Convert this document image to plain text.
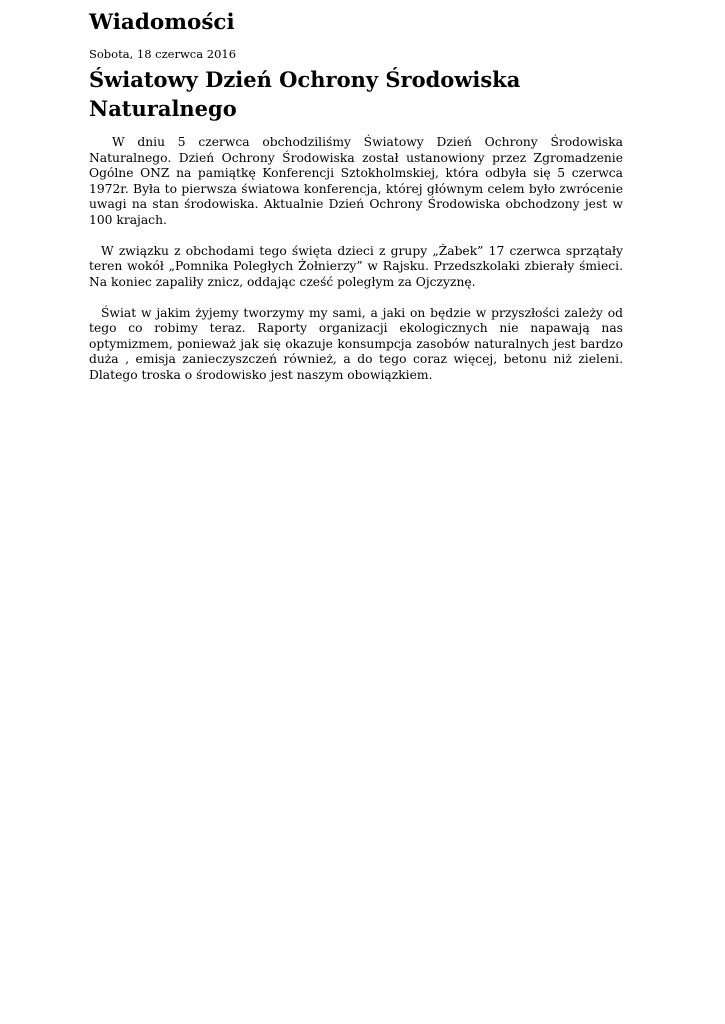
Wiadomości

Sobota, 18 czerwca 2016

Światowy Dzień Ochrony Środowiska Naturalnego

W dniu 5 czerwca obchodziliśmy Światowy Dzień Ochrony Środowiska Naturalnego. Dzień Ochrony Środowiska został ustanowiony przez Zgromadzenie Ogólne ONZ na pamiątkę Konferencji Sztokholmskiej, która odbyła się 5 czerwca 1972r. Była to pierwsza światowa konferencja, której głównym celem było zwrócenie uwagi na stan środowiska. Aktualnie Dzień Ochrony Środowiska obchodzony jest w 100 krajach.

W związku z obchodami tego święta dzieci z grupy „Żabek” 17 czerwca sprzątały teren wokół „Pomnika Poległych Żołnierzy” w Rajsku. Przedszkolaki zbierały śmieci. Na koniec zapaliły znicz, oddając cześć poległym za Ojczyznę.

Świat w jakim żyjemy tworzymy my sami, a jaki on będzie w przyszłości zależy od tego co robimy teraz. Raporty organizacji ekologicznych nie napawają nas optymizmem, ponieważ jak się okazuje konsumpcja zasobów naturalnych jest bardzo duża , emisja zanieczyszczeń również, a do tego coraz więcej, betonu niż zieleni. Dlatego troska o środowisko jest naszym obowiązkiem.
